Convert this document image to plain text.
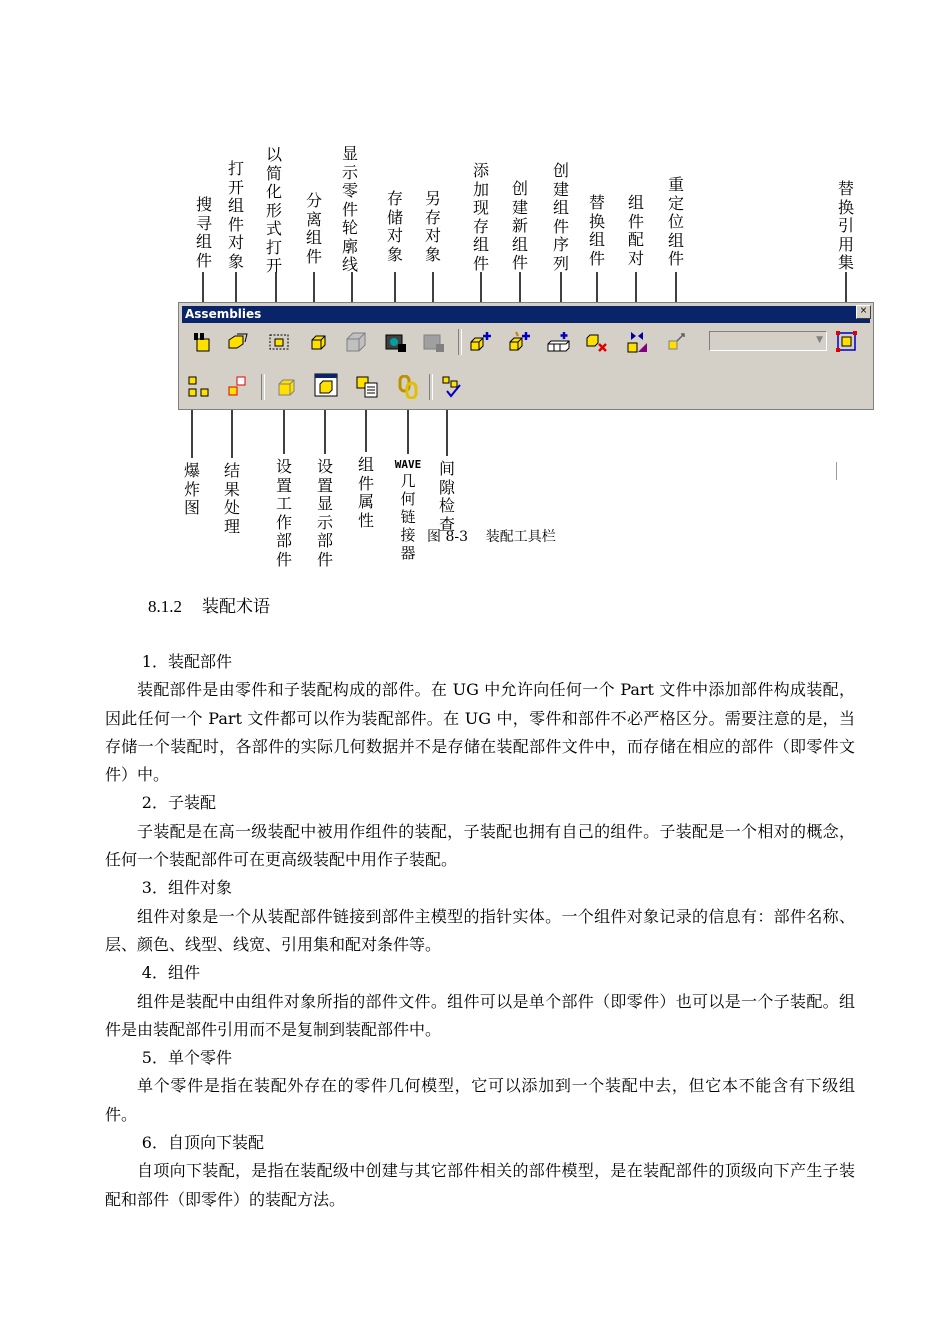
搜寻组件
打开组件对象
以简化形式打开
分离组件
显示零件轮廓线
存储对象
另存对象
添加现存组件
创建新组件
创建组件序列
替换组件
组件配对
重定位组件
替换引用集
爆炸图
结果处理
设置工作部件
设置显示部件
组件属性
WAVE
几何链接器
间隙检查
Assemblies	×
▼
图 8-3    装配工具栏
8.1.2 装配术语

1．装配部件

装配部件是由零件和子装配构成的部件。在 UG 中允许向任何一个 Part 文件中添加部件构成装配，因此任何一个 Part 文件都可以作为装配部件。在 UG 中，零件和部件不必严格区分。需要注意的是，当存储一个装配时，各部件的实际几何数据并不是存储在装配部件文件中，而存储在相应的部件（即零件文件）中。

2．子装配

子装配是在高一级装配中被用作组件的装配，子装配也拥有自己的组件。子装配是一个相对的概念，任何一个装配部件可在更高级装配中用作子装配。

3．组件对象

组件对象是一个从装配部件链接到部件主模型的指针实体。一个组件对象记录的信息有：部件名称、层、颜色、线型、线宽、引用集和配对条件等。

4．组件

组件是装配中由组件对象所指的部件文件。组件可以是单个部件（即零件）也可以是一个子装配。组件是由装配部件引用而不是复制到装配部件中。

5．单个零件

单个零件是指在装配外存在的零件几何模型，它可以添加到一个装配中去，但它本不能含有下级组件。

6．自顶向下装配

自项向下装配，是指在装配级中创建与其它部件相关的部件模型，是在装配部件的顶级向下产生子装配和部件（即零件）的装配方法。
